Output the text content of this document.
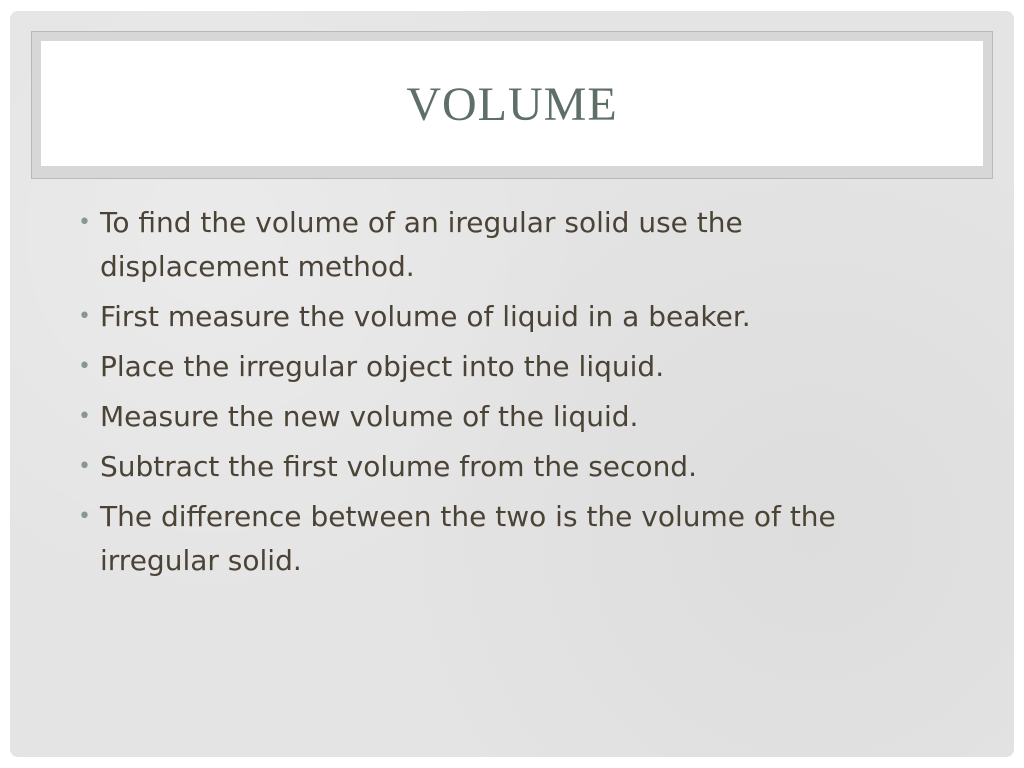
VOLUME
• To find the volume of an iregular solid use the displacement method.
• First measure the volume of liquid in a beaker.
• Place the irregular object into the liquid.
• Measure the new volume of the liquid.
• Subtract the first volume from the second.
• The difference between the two is the volume of the irregular solid.
